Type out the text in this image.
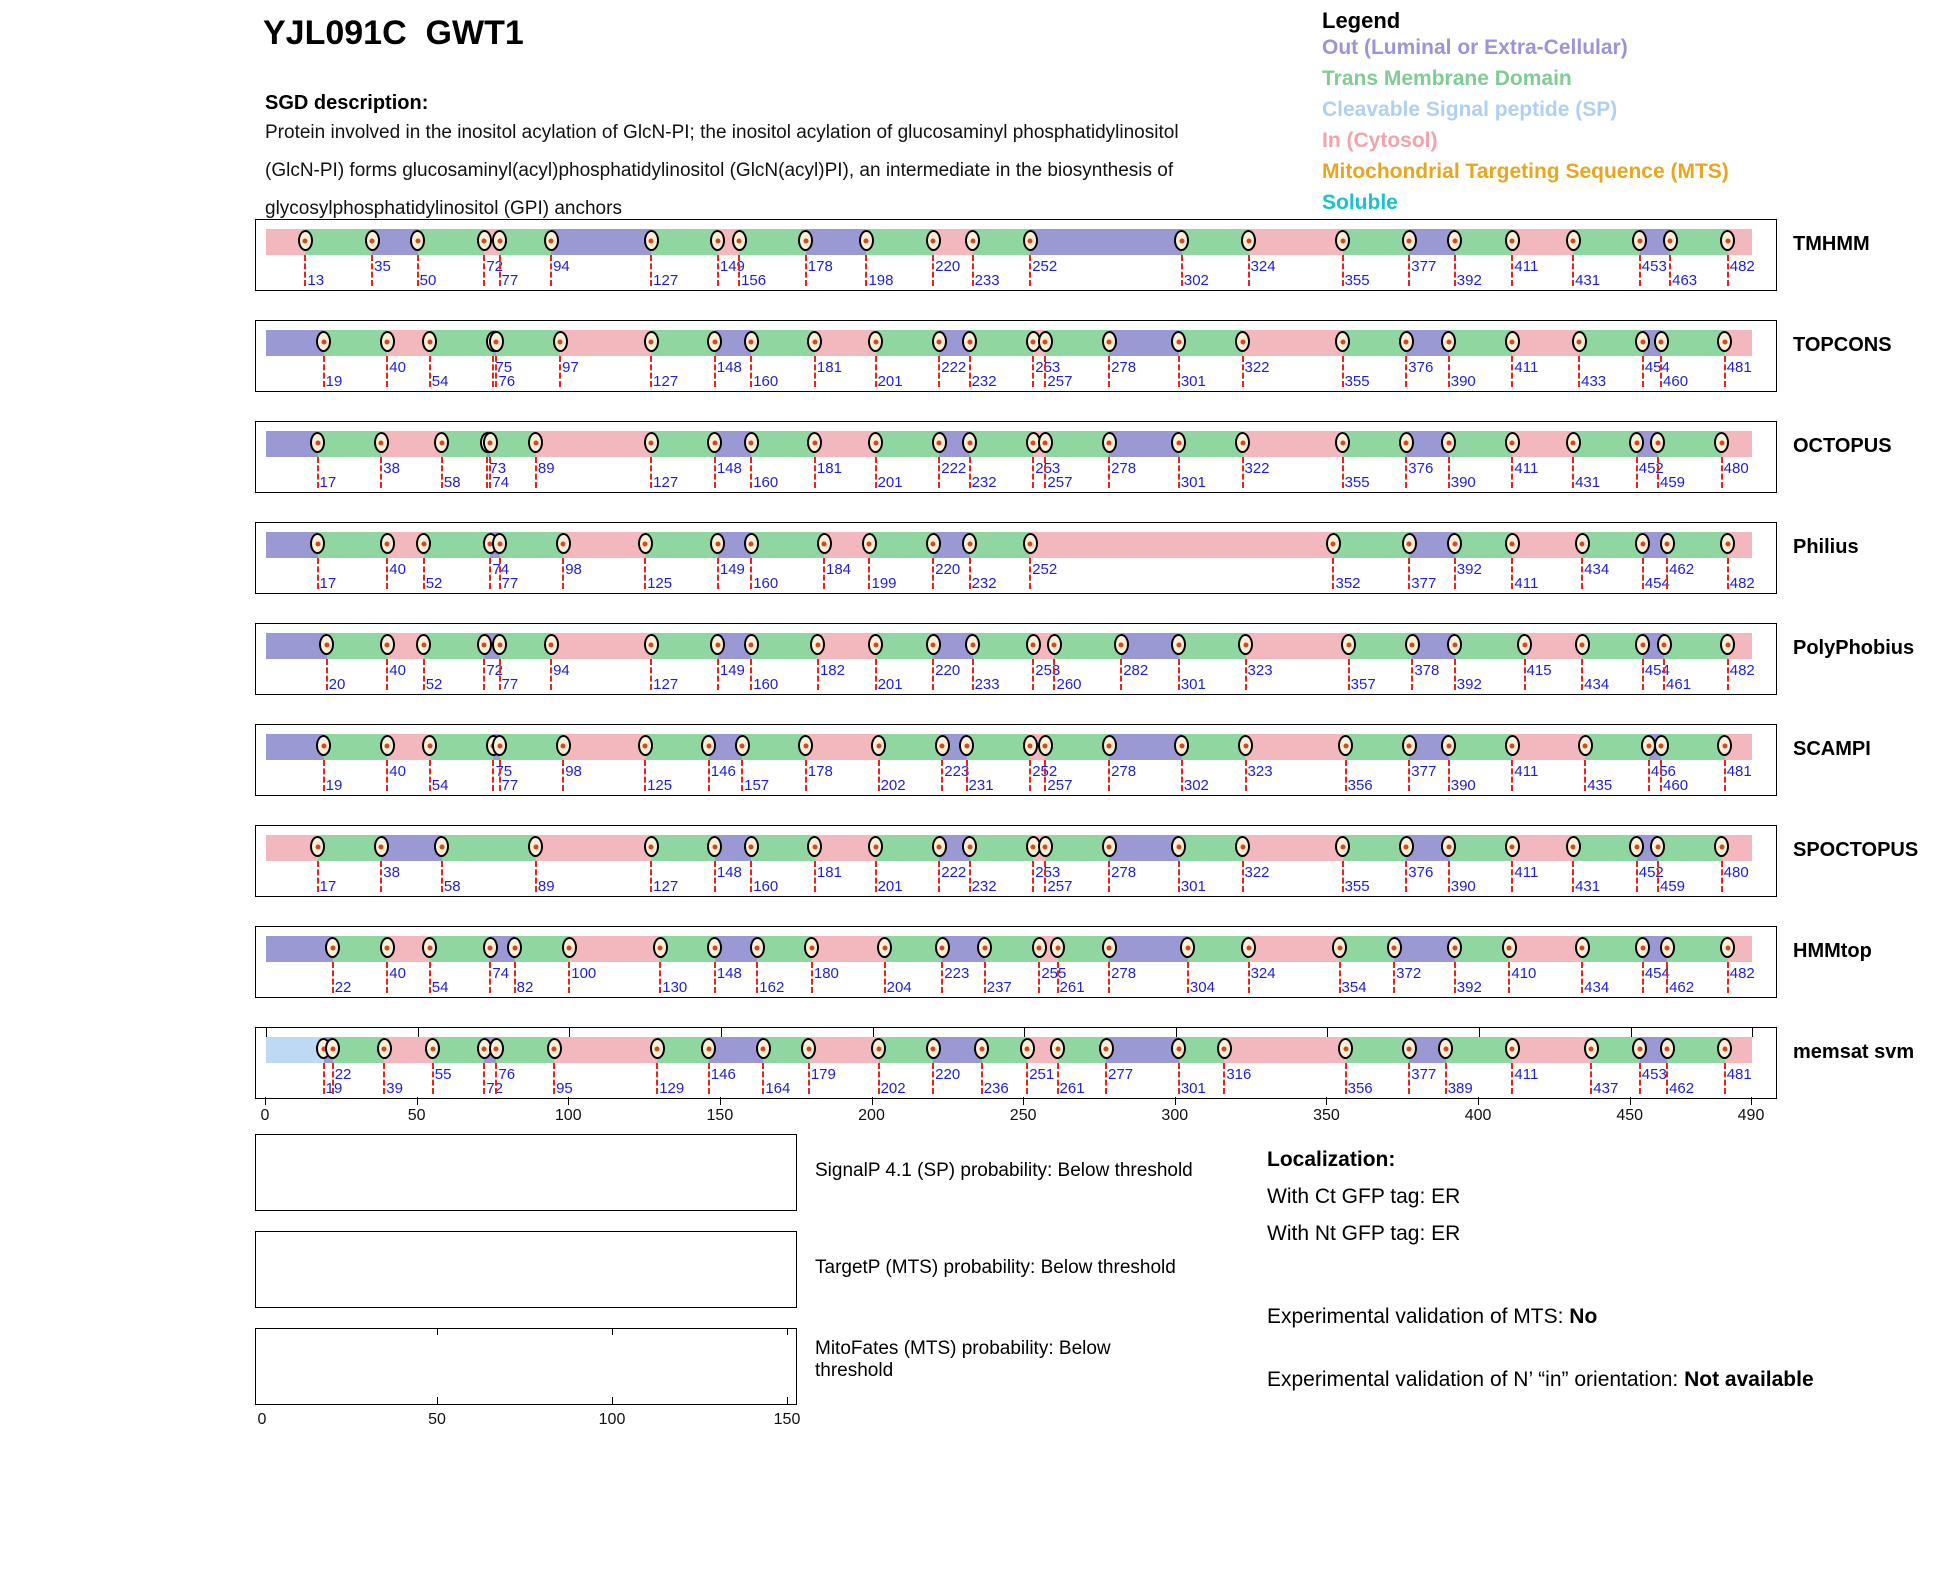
YJL091C  GWT1
SGD description:
Protein involved in the inositol acylation of GlcN-PI; the inositol acylation of glucosaminyl phosphatidylinositol
(GlcN-PI) forms glucosaminyl(acyl)phosphatidylinositol (GlcN(acyl)PI), an intermediate in the biosynthesis of
glycosylphosphatidylinositol (GPI) anchors
Legend
Out (Luminal or Extra-Cellular)
Trans Membrane Domain
Cleavable Signal peptide (SP)
In (Cytosol)
Mitochondrial Targeting Sequence (MTS)
Soluble
13
35
50
72
77
94
127
149
156
178
198
220
233
252
302
324
355
377
392
411
431
453
463
482
TMHMM
19
40
54
75
76
97
127
148
160
181
201
222
232
253
257
278
301
322
355
376
390
411
433
454
460
481
TOPCONS
17
38
58
73
74
89
127
148
160
181
201
222
232
253
257
278
301
322
355
376
390
411
431
452
459
480
OCTOPUS
17
40
52
74
77
98
125
149
160
184
199
220
232
252
352	377
392
411
434
454
462
482
Philius
20
40
52
72
77
94
127
149
160
182
201
220
233
253
260
282
301
323
357
378
392
415
434
454
461
482
PolyPhobius
19
40
54
75
77
98
125
146
157
178
202
223
231
252
257
278
302
323
356
377
390
411
435
456
460
481
SCAMPI
17
38
58	89	127
148
160
181
201
222
232
253
257
278
301
322
355
376
390
411
431
452
459
480
SPOCTOPUS
22
40
54
74
82
100
130
148
162
180
204
223
237
255
261
278
304
324
354
372
392
410
434
454
462
482
HMMtop
19
22
39
55
72
76
95	129
146
164
179
202
220
236
251
261
277
301
316
356
377
389
411
437
453
462
481
memsat svm
0	50	100	150	200	250	300	350	400	450	490
SignalP 4.1 (SP) probability: Below threshold
TargetP (MTS) probability: Below threshold
MitoFates (MTS) probability: Below threshold
0	50	100	150
Localization:
With Ct GFP tag: ER
With Nt GFP tag: ER
Experimental validation of MTS: No
Experimental validation of N’ “in” orientation: Not available
